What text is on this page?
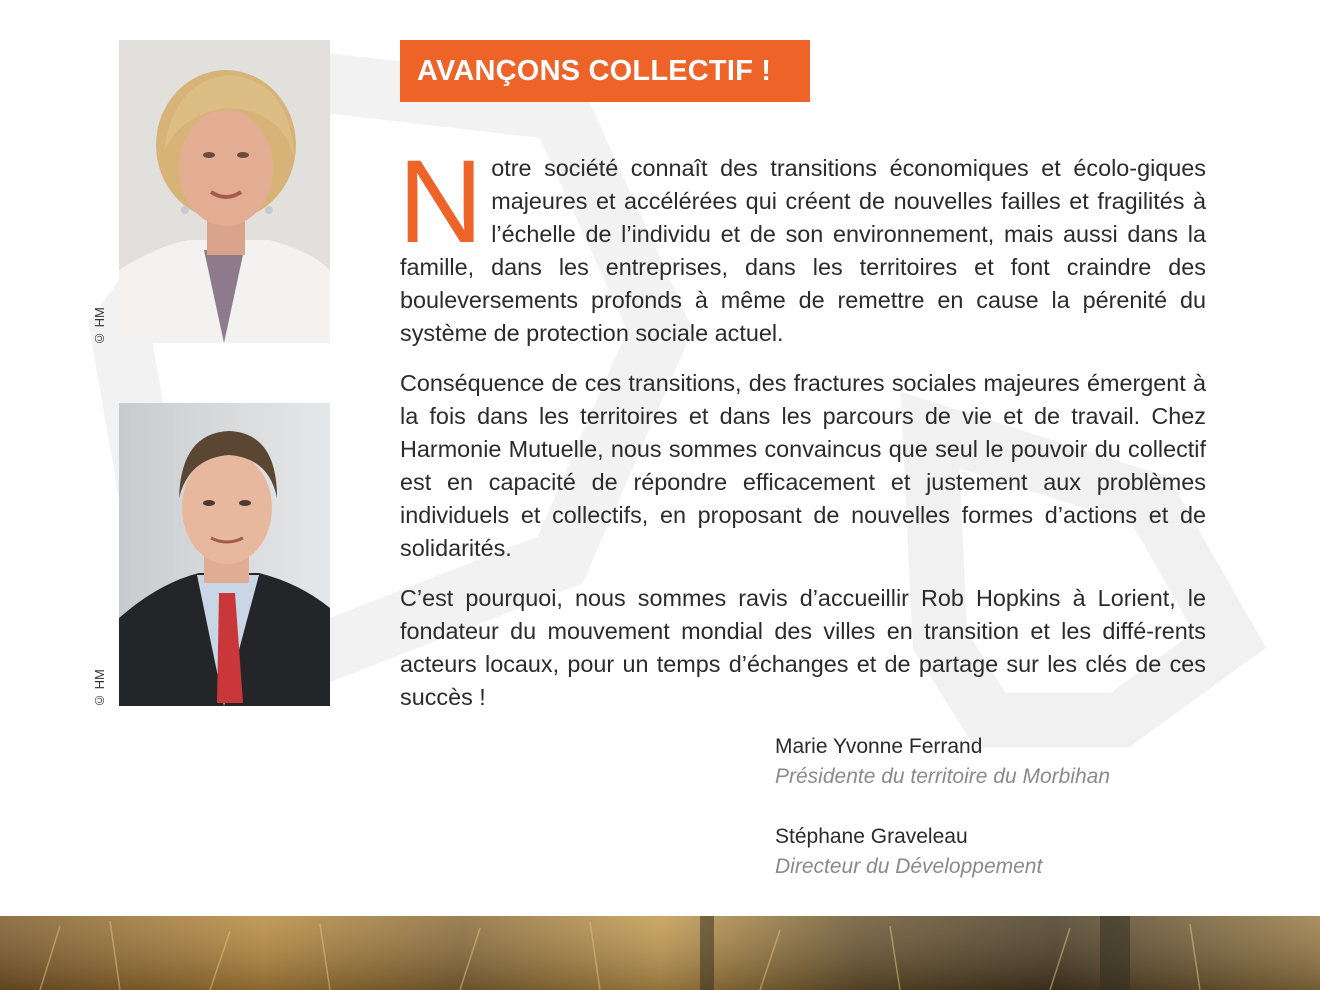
© HM
© HM
AVANÇONS COLLECTIF !

Notre société connaît des transitions économiques et écolo-giques majeures et accélérées qui créent de nouvelles failles et fragilités à l’échelle de l’individu et de son environnement, mais aussi dans la famille, dans les entreprises, dans les territoires et font craindre des bouleversements profonds à même de remettre en cause la pérenité du système de protection sociale actuel.

Conséquence de ces transitions, des fractures sociales majeures émergent à la fois dans les territoires et dans les parcours de vie et de travail. Chez Harmonie Mutuelle, nous sommes convaincus que seul le pouvoir du collectif est en capacité de répondre efficacement et justement aux problèmes individuels et collectifs, en proposant de nouvelles formes d’actions et de solidarités.

C’est pourquoi, nous sommes ravis d’accueillir Rob Hopkins à Lorient, le fondateur du mouvement mondial des villes en transition et les diffé-rents acteurs locaux, pour un temps d’échanges et de partage sur les clés de ces succès !

Marie Yvonne Ferrand
Présidente du territoire du Morbihan
Stéphane Graveleau
Directeur du Développement
